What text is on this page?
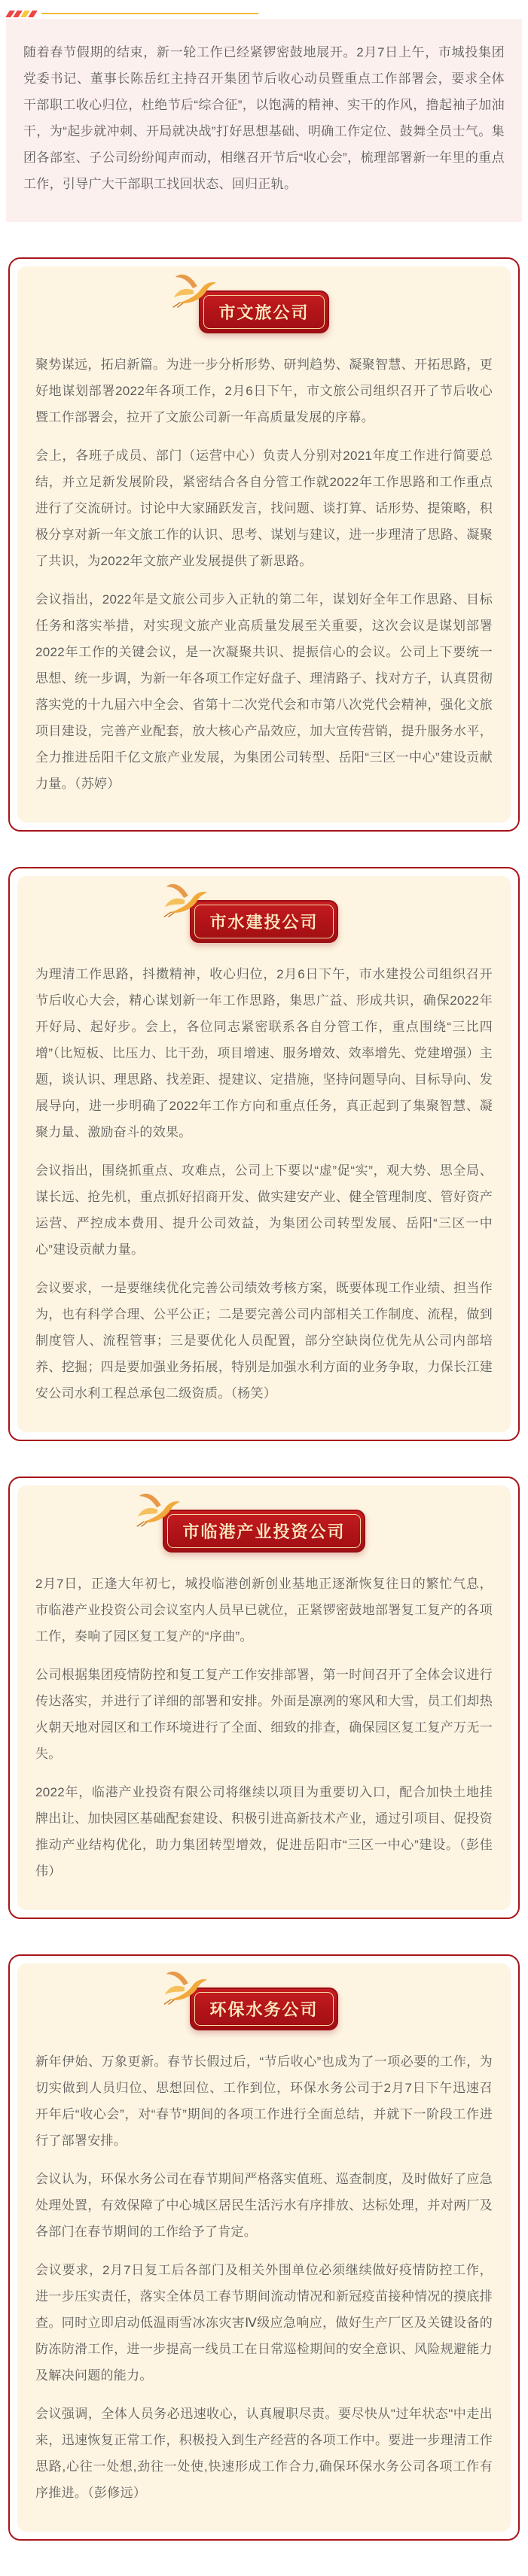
随着春节假期的结束，新一轮工作已经紧锣密鼓地展开。2月7日上午，市城投集团党委书记、董事长陈岳红主持召开集团节后收心动员暨重点工作部署会，要求全体干部职工收心归位，杜绝节后“综合征”，以饱满的精神、实干的作风，撸起袖子加油干，为“起步就冲刺、开局就决战”打好思想基础、明确工作定位、鼓舞全员士气。集团各部室、子公司纷纷闻声而动，相继召开节后“收心会”，梳理部署新一年里的重点工作，引导广大干部职工找回状态、回归正轨。

市文旅公司

聚势谋远，拓启新篇。为进一步分析形势、研判趋势、凝聚智慧、开拓思路，更好地谋划部署2022年各项工作，2月6日下午，市文旅公司组织召开了节后收心暨工作部署会，拉开了文旅公司新一年高质量发展的序幕。

会上，各班子成员、部门（运营中心）负责人分别对2021年度工作进行简要总结，并立足新发展阶段，紧密结合各自分管工作就2022年工作思路和工作重点进行了交流研讨。讨论中大家踊跃发言，找问题、谈打算、话形势、提策略，积极分享对新一年文旅工作的认识、思考、谋划与建议，进一步理清了思路、凝聚了共识，为2022年文旅产业发展提供了新思路。

会议指出，2022年是文旅公司步入正轨的第二年，谋划好全年工作思路、目标任务和落实举措，对实现文旅产业高质量发展至关重要，这次会议是谋划部署2022年工作的关键会议，是一次凝聚共识、提振信心的会议。公司上下要统一思想、统一步调，为新一年各项工作定好盘子、理清路子、找对方子，认真贯彻落实党的十九届六中全会、省第十二次党代会和市第八次党代会精神，强化文旅项目建设，完善产业配套，放大核心产品效应，加大宣传营销，提升服务水平，全力推进岳阳千亿文旅产业发展，为集团公司转型、岳阳“三区一中心”建设贡献力量。（苏婷）

市水建投公司

为理清工作思路，抖擞精神，收心归位，2月6日下午，市水建投公司组织召开节后收心大会，精心谋划新一年工作思路，集思广益、形成共识，确保2022年开好局、起好步。会上，各位同志紧密联系各自分管工作，重点围绕“三比四增”（比短板、比压力、比干劲，项目增速、服务增效、效率增先、党建增强）主题，谈认识、理思路、找差距、提建议、定措施，坚持问题导向、目标导向、发展导向，进一步明确了2022年工作方向和重点任务，真正起到了集聚智慧、凝聚力量、激励奋斗的效果。

会议指出，围绕抓重点、攻难点，公司上下要以“虚”促“实”，观大势、思全局、谋长远、抢先机，重点抓好招商开发、做实建安产业、健全管理制度、管好资产运营、严控成本费用、提升公司效益，为集团公司转型发展、岳阳“三区一中心”建设贡献力量。

会议要求，一是要继续优化完善公司绩效考核方案，既要体现工作业绩、担当作为，也有科学合理、公平公正；二是要完善公司内部相关工作制度、流程，做到制度管人、流程管事；三是要优化人员配置，部分空缺岗位优先从公司内部培养、挖掘；四是要加强业务拓展，特别是加强水利方面的业务争取，力保长江建安公司水利工程总承包二级资质。（杨笑）

市临港产业投资公司

2月7日，正逢大年初七，城投临港创新创业基地正逐渐恢复往日的繁忙气息，市临港产业投资公司会议室内人员早已就位，正紧锣密鼓地部署复工复产的各项工作，奏响了园区复工复产的“序曲”。

公司根据集团疫情防控和复工复产工作安排部署，第一时间召开了全体会议进行传达落实，并进行了详细的部署和安排。外面是凛冽的寒风和大雪，员工们却热火朝天地对园区和工作环境进行了全面、细致的排查，确保园区复工复产万无一失。

2022年，临港产业投资有限公司将继续以项目为重要切入口，配合加快土地挂牌出让、加快园区基础配套建设、积极引进高新技术产业，通过引项目、促投资推动产业结构优化，助力集团转型增效，促进岳阳市“三区一中心”建设。（彭佳伟）

环保水务公司

新年伊始、万象更新。春节长假过后，“节后收心”也成为了一项必要的工作，为切实做到人员归位、思想回位、工作到位，环保水务公司于2月7日下午迅速召开年后“收心会”，对“春节”期间的各项工作进行全面总结，并就下一阶段工作进行了部署安排。

会议认为，环保水务公司在春节期间严格落实值班、巡查制度，及时做好了应急处理处置，有效保障了中心城区居民生活污水有序排放、达标处理，并对两厂及各部门在春节期间的工作给予了肯定。

会议要求，2月7日复工后各部门及相关外围单位必须继续做好疫情防控工作，进一步压实责任，落实全体员工春节期间流动情况和新冠疫苗接种情况的摸底排查。同时立即启动低温雨雪冰冻灾害Ⅳ级应急响应，做好生产厂区及关键设备的防冻防滑工作，进一步提高一线员工在日常巡检期间的安全意识、风险规避能力及解决问题的能力。

会议强调，全体人员务必迅速收心，认真履职尽责。要尽快从"过年状态"中走出来，迅速恢复正常工作，积极投入到生产经营的各项工作中。要进一步理清工作思路,心往一处想,劲往一处使,快速形成工作合力,确保环保水务公司各项工作有序推进。（彭修远）
